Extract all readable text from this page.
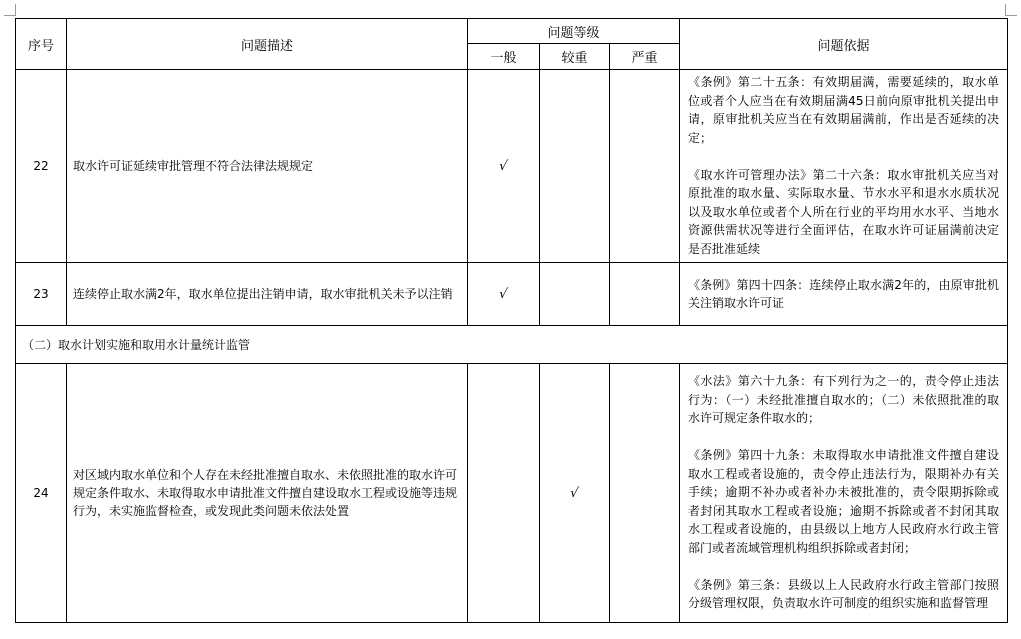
序号	问题描述	问题等级			问题依据
		一般	较重	严重	
22	取水许可证延续审批管理不符合法律法规规定	√			《条例》第二十五条：有效期届满，需要延续的，取水单位或者个人应当在有效期届满45日前向原审批机关提出申请，原审批机关应当在有效期届满前，作出是否延续的决定；

《取水许可管理办法》第二十六条：取水审批机关应当对原批准的取水量、实际取水量、节水水平和退水水质状况以及取水单位或者个人所在行业的平均用水水平、当地水资源供需状况等进行全面评估，在取水许可证届满前决定是否批准延续

23	连续停止取水满2年，取水单位提出注销申请，取水审批机关未予以注销	√			《条例》第四十四条：连续停止取水满2年的，由原审批机关注销取水许可证

（二）取水计划实施和取用水计量统计监管					
24	对区域内取水单位和个人存在未经批准擅自取水、未依照批准的取水许可规定条件取水、未取得取水申请批准文件擅自建设取水工程或设施等违规行为，未实施监督检查，或发现此类问题未依法处置		√		《水法》第六十九条：有下列行为之一的，责令停止违法行为：（一）未经批准擅自取水的；（二）未依照批准的取水许可规定条件取水的；

《条例》第四十九条：未取得取水申请批准文件擅自建设取水工程或者设施的，责令停止违法行为，限期补办有关手续；逾期不补办或者补办未被批准的，责令限期拆除或者封闭其取水工程或者设施；逾期不拆除或者不封闭其取水工程或者设施的，由县级以上地方人民政府水行政主管部门或者流域管理机构组织拆除或者封闭；

《条例》第三条：县级以上人民政府水行政主管部门按照分级管理权限，负责取水许可制度的组织实施和监督管理
